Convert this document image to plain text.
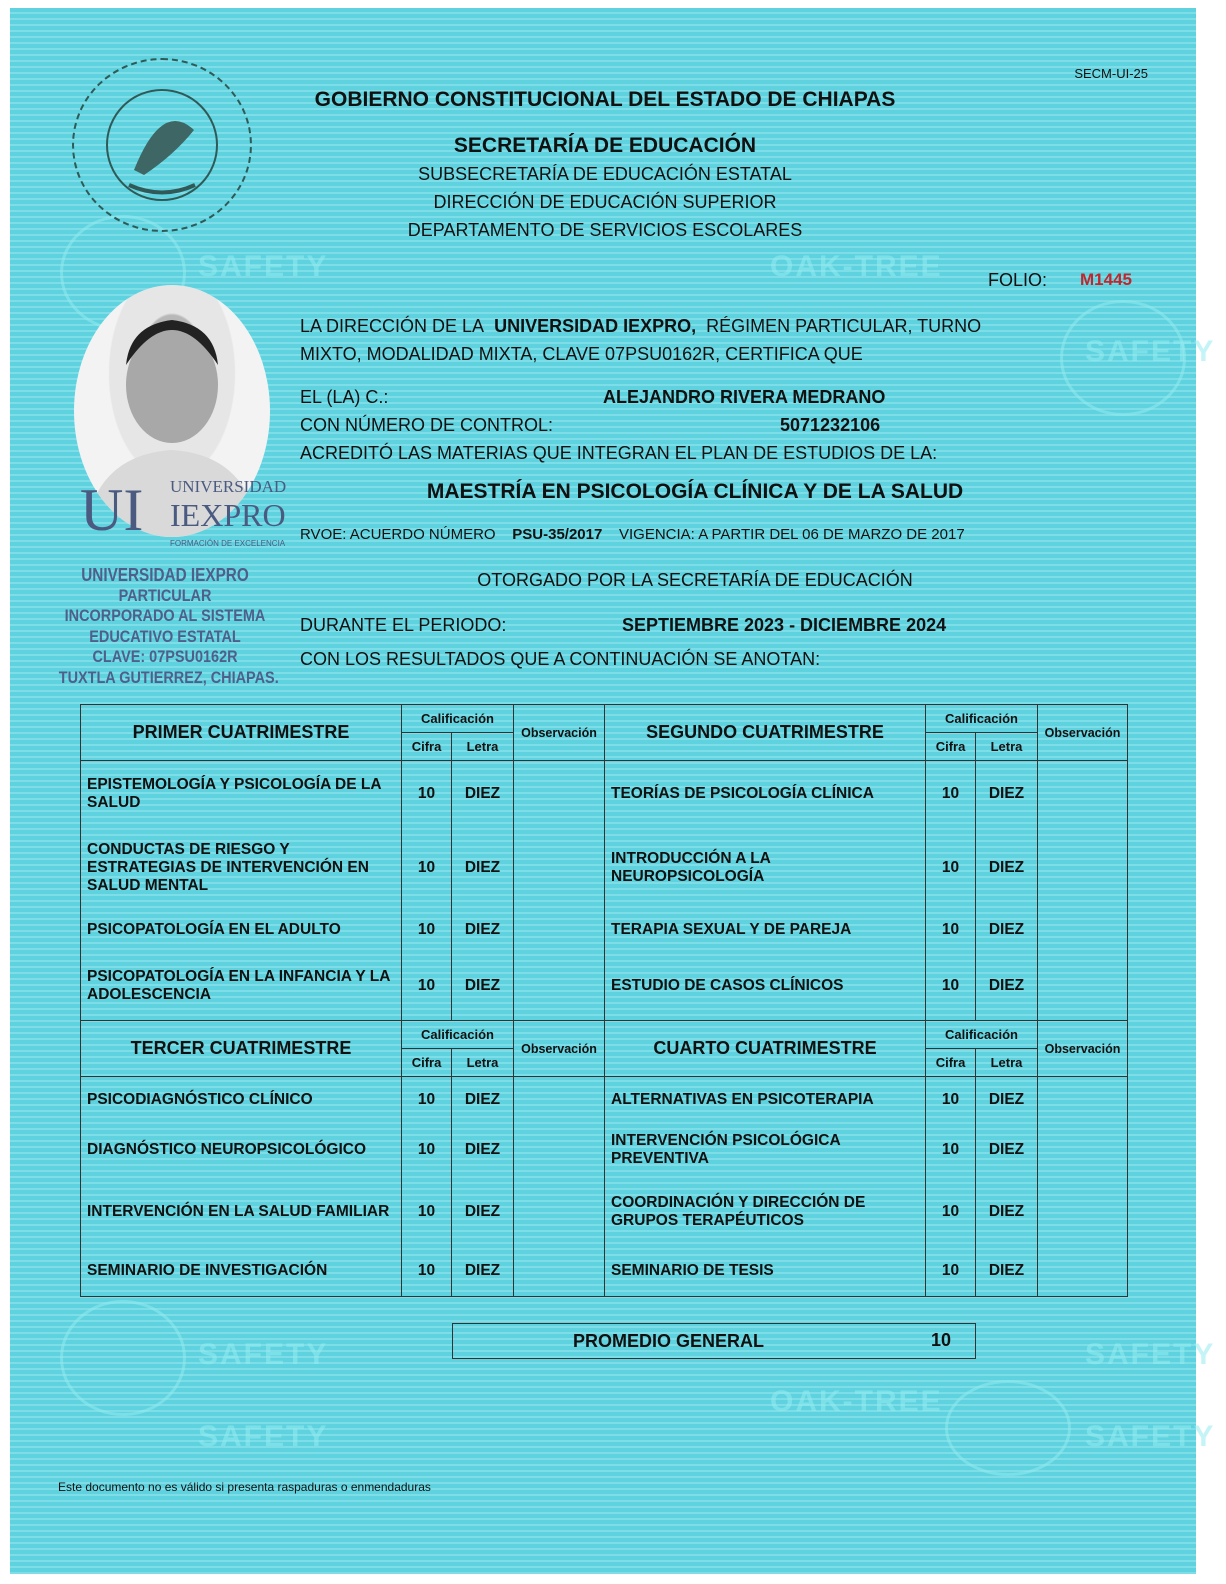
SAFETY	OAK-TREE
SAFETY
SAFETY	SAFETY
SAFETY
OAK-TREE
SAFETY
SECM-UI-25
GOBIERNO CONSTITUCIONAL DEL ESTADO DE CHIAPAS
SECRETARÍA DE EDUCACIÓN
SUBSECRETARÍA DE EDUCACIÓN ESTATAL
DIRECCIÓN DE EDUCACIÓN SUPERIOR
DEPARTAMENTO DE SERVICIOS ESCOLARES
FOLIO: M1445
UI UNIVERSIDAD
IEXPRO
FORMACIÓN DE EXCELENCIA
UNIVERSIDAD IEXPRO
PARTICULAR
INCORPORADO AL SISTEMA
EDUCATIVO ESTATAL
CLAVE: 07PSU0162R
TUXTLA GUTIERREZ, CHIAPAS.
LA DIRECCIÓN DE LA UNIVERSIDAD IEXPRO, RÉGIMEN PARTICULAR, TURNO
MIXTO, MODALIDAD MIXTA, CLAVE 07PSU0162R, CERTIFICA QUE
EL (LA) C.:	ALEJANDRO RIVERA MEDRANO
CON NÚMERO DE CONTROL:	5071232106
ACREDITÓ LAS MATERIAS QUE INTEGRAN EL PLAN DE ESTUDIOS DE LA:
MAESTRÍA EN PSICOLOGÍA CLÍNICA Y DE LA SALUD
RVOE: ACUERDO NÚMERO PSU-35/2017 VIGENCIA: A PARTIR DEL 06 DE MARZO DE 2017
OTORGADO POR LA SECRETARÍA DE EDUCACIÓN
DURANTE EL PERIODO:	SEPTIEMBRE 2023 - DICIEMBRE 2024
CON LOS RESULTADOS QUE A CONTINUACIÓN SE ANOTAN:
PRIMER CUATRIMESTRE	Calificación		Observación	SEGUNDO CUATRIMESTRE	Calificación		Observación
	Cifra	Letra			Cifra	Letra	
EPISTEMOLOGÍA Y PSICOLOGÍA DE LA SALUD	10	DIEZ		TEORÍAS DE PSICOLOGÍA CLÍNICA	10	DIEZ	
CONDUCTAS DE RIESGO Y ESTRATEGIAS DE INTERVENCIÓN EN SALUD MENTAL	10	DIEZ		INTRODUCCIÓN A LA NEUROPSICOLOGÍA	10	DIEZ	
PSICOPATOLOGÍA EN EL ADULTO	10	DIEZ		TERAPIA SEXUAL Y DE PAREJA	10	DIEZ	
PSICOPATOLOGÍA EN LA INFANCIA Y LA ADOLESCENCIA	10	DIEZ		ESTUDIO DE CASOS CLÍNICOS	10	DIEZ	
TERCER CUATRIMESTRE	Calificación		Observación	CUARTO CUATRIMESTRE	Calificación		Observación
	Cifra	Letra			Cifra	Letra	
PSICODIAGNÓSTICO CLÍNICO	10	DIEZ		ALTERNATIVAS EN PSICOTERAPIA	10	DIEZ	
DIAGNÓSTICO NEUROPSICOLÓGICO	10	DIEZ		INTERVENCIÓN PSICOLÓGICA PREVENTIVA	10	DIEZ	
INTERVENCIÓN EN LA SALUD FAMILIAR	10	DIEZ		COORDINACIÓN Y DIRECCIÓN DE GRUPOS TERAPÉUTICOS	10	DIEZ	
SEMINARIO DE INVESTIGACIÓN	10	DIEZ		SEMINARIO DE TESIS	10	DIEZ	
PROMEDIO GENERAL	10
Este documento no es válido si presenta raspaduras o enmendaduras
